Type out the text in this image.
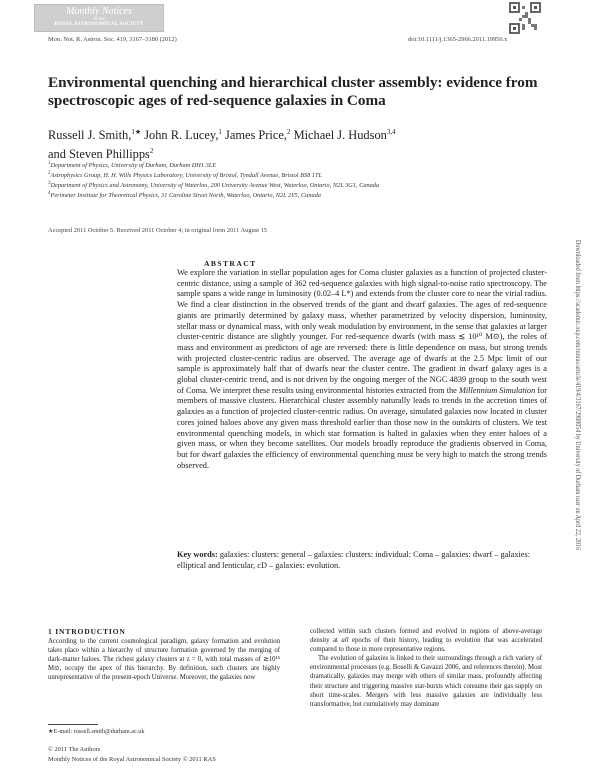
Monthly Notices
of the
ROYAL ASTRONOMICAL SOCIETY
Mon. Not. R. Astron. Soc. 419, 3167–3180 (2012)	doi:10.1111/j.1365-2966.2011.19956.x
Environmental quenching and hierarchical cluster assembly: evidence from spectroscopic ages of red-sequence galaxies in Coma
Russell J. Smith,$^{1★}$ John R. Lucey,$^1$ James Price,$^2$ Michael J. Hudson$^{3,4}$
and Steven Phillipps$^2$
$^1$Department of Physics, University of Durham, Durham DH1 3LE
$^2$Astrophysics Group, H. H. Wills Physics Laboratory, University of Bristol, Tyndall Avenue, Bristol BS8 1TL
$^3$Department of Physics and Astronomy, University of Waterloo, 200 University Avenue West, Waterloo, Ontario, N2L 3G1, Canada
$^4$Perimeter Institute for Theoretical Physics, 31 Caroline Street North, Waterloo, Ontario, N2L 2Y5, Canada
Accepted 2011 October 5. Received 2011 October 4; in original form 2011 August 15
Downloaded from https://academic.oup.com/mnras/article/419/4/3167/2908054 by University of Durham user on April 22, 2016
ABSTRACT
We explore the variation in stellar population ages for Coma cluster galaxies as a function of projected cluster-centric distance, using a sample of 362 red-sequence galaxies with high signal-to-noise ratio spectroscopy. The sample spans a wide range in luminosity (0.02–4 L*) and extends from the cluster core to near the virial radius. We find a clear distinction in the observed trends of the giant and dwarf galaxies. The ages of red-sequence giants are primarily determined by galaxy mass, whether parametrized by velocity dispersion, luminosity, stellar mass or dynamical mass, with only weak modulation by environment, in the sense that galaxies at larger cluster-centric distance are slightly younger. For red-sequence dwarfs (with mass ≲ 10¹⁰ M⊙), the roles of mass and environment as predictors of age are reversed: there is little dependence on mass, but strong trends with projected cluster-centric radius are observed. The average age of dwarfs at the 2.5 Mpc limit of our sample is approximately half that of dwarfs near the cluster centre. The gradient in dwarf galaxy ages is a global cluster-centric trend, and is not driven by the ongoing merger of the NGC 4839 group to the south west of Coma. We interpret these results using environmental histories extracted from the Millennium Simulation for members of massive clusters. Hierarchical cluster assembly naturally leads to trends in the accretion times of galaxies as a function of projected cluster-centric radius. On average, simulated galaxies now located in cluster cores joined haloes above any given mass threshold earlier than those now in the outskirts of clusters. We test environmental quenching models, in which star formation is halted in galaxies when they enter haloes of a given mass, or when they become satellites. Our models broadly reproduce the gradients observed in Coma, but for dwarf galaxies the efficiency of environmental quenching must be very high to match the strong trends observed.
Key words: galaxies: clusters: general – galaxies: clusters: individual: Coma – galaxies: dwarf – galaxies: elliptical and lenticular, cD – galaxies: evolution.
1 INTRODUCTION
According to the current cosmological paradigm, galaxy formation and evolution takes place within a hierarchy of structure formation governed by the merging of dark-matter haloes. The richest galaxy clusters at z = 0, with total masses of ≳10¹⁵ M⊙, occupy the apex of this hierarchy. By definition, such clusters are highly unrepresentative of the present-epoch Universe. Moreover, the galaxies now
collected within such clusters formed and evolved in regions of above-average density at all epochs of their history, leading to evolution that was accelerated compared to those in more representative regions.
The evolution of galaxies is linked to their surroundings through a rich variety of environmental processes (e.g. Boselli & Gavazzi 2006, and references therein). Most dramatically, galaxies may merge with others of similar mass, profoundly affecting their structure and triggering massive star-bursts which consume their gas supply on short time-scales. Mergers with less massive galaxies are individually less transformative, but cumulatively may dominate
★E-mail: russell.smith@durham.ac.uk
© 2011 The Authors
Monthly Notices of the Royal Astronomical Society © 2011 RAS
